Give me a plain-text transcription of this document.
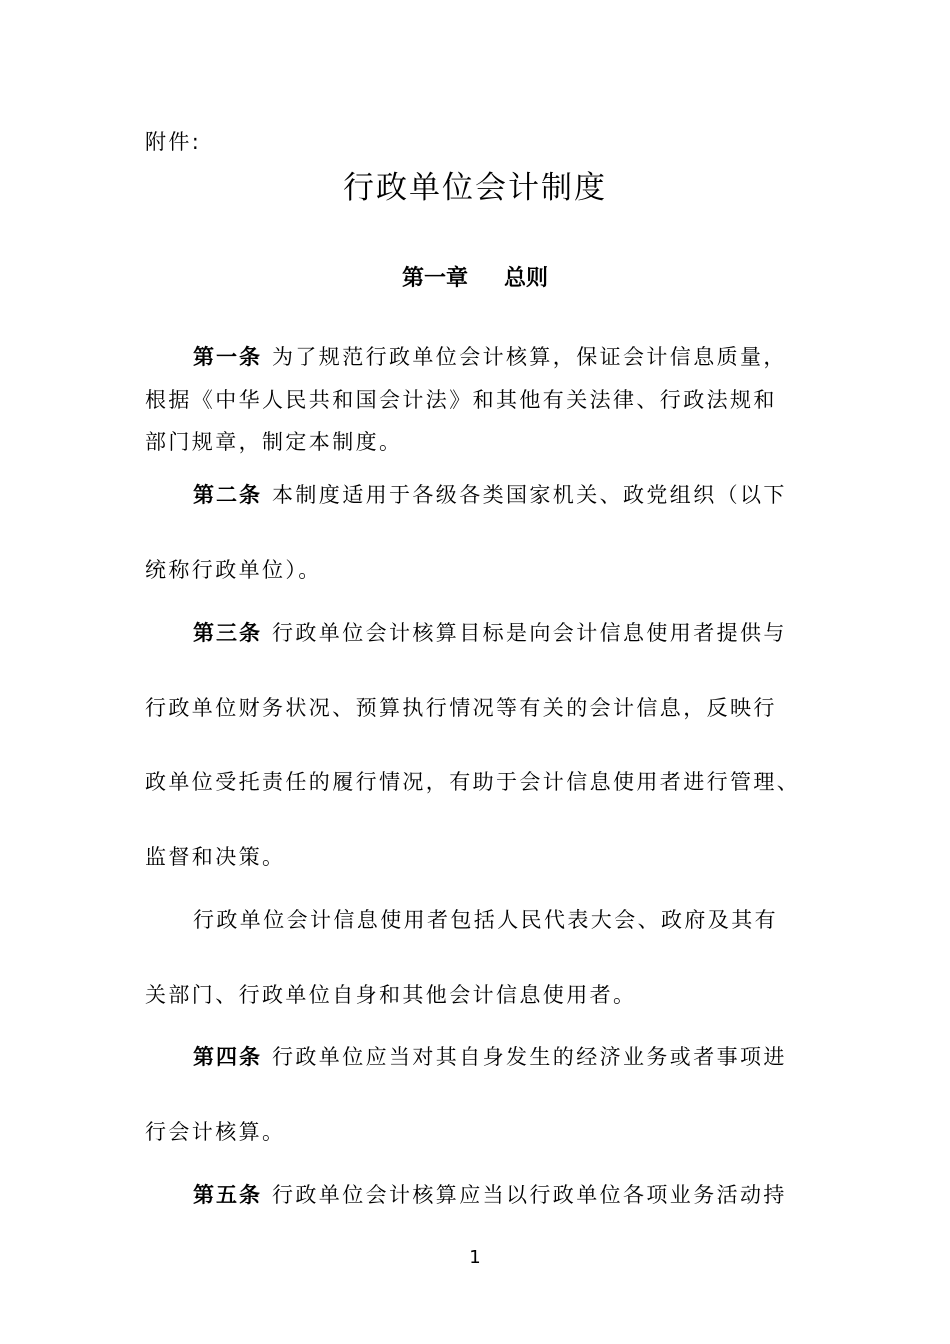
附件:
行政单位会计制度
第一章 总则
第一条 为了规范行政单位会计核算，保证会计信息质量，
根据《中华人民共和国会计法》和其他有关法律、行政法规和
部门规章，制定本制度。
第二条 本制度适用于各级各类国家机关、政党组织（以下
统称行政单位）。
第三条 行政单位会计核算目标是向会计信息使用者提供与
行政单位财务状况、预算执行情况等有关的会计信息，反映行
政单位受托责任的履行情况，有助于会计信息使用者进行管理、
监督和决策。
行政单位会计信息使用者包括人民代表大会、政府及其有
关部门、行政单位自身和其他会计信息使用者。
第四条 行政单位应当对其自身发生的经济业务或者事项进
行会计核算。
第五条 行政单位会计核算应当以行政单位各项业务活动持
1
